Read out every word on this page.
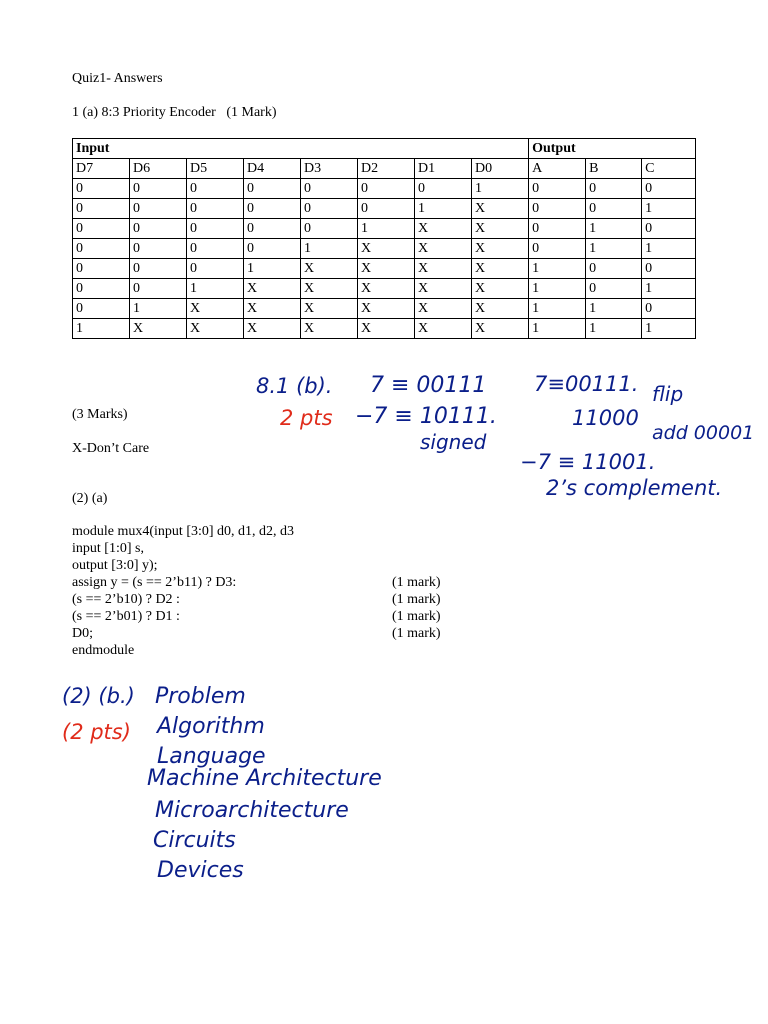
Quiz1- Answers
1 (a) 8:3 Priority Encoder   (1 Mark)
Input								Output		
D7	D6	D5	D4	D3	D2	D1	D0	A	B	C
0	0	0	0	0	0	0	1	0	0	0
0	0	0	0	0	0	1	X	0	0	1
0	0	0	0	0	1	X	X	0	1	0
0	0	0	0	1	X	X	X	0	1	1
0	0	0	1	X	X	X	X	1	0	0
0	0	1	X	X	X	X	X	1	0	1
0	1	X	X	X	X	X	X	1	1	0
1	X	X	X	X	X	X	X	1	1	1
(3 Marks)
X-Don’t Care
(2) (a)
module mux4(input [3:0] d0, d1, d2, d3
input [1:0] s,
output [3:0] y);
assign y = (s == 2’b11) ? D3:	(1 mark)
(s == 2’b10) ? D2 :	(1 mark)
(s == 2’b01) ? D1 :	(1 mark)
D0;	(1 mark)
endmodule
8.1 (b).
2 pts
7 ≡ 00111
−7 ≡ 10111.
signed
7≡00111. flip
11000
add 00001
−7 ≡ 11001.
2’s complement.
(2) (b.)
(2 pts)
Problem
Algorithm
Language
Machine Architecture
Microarchitecture
Circuits
Devices
